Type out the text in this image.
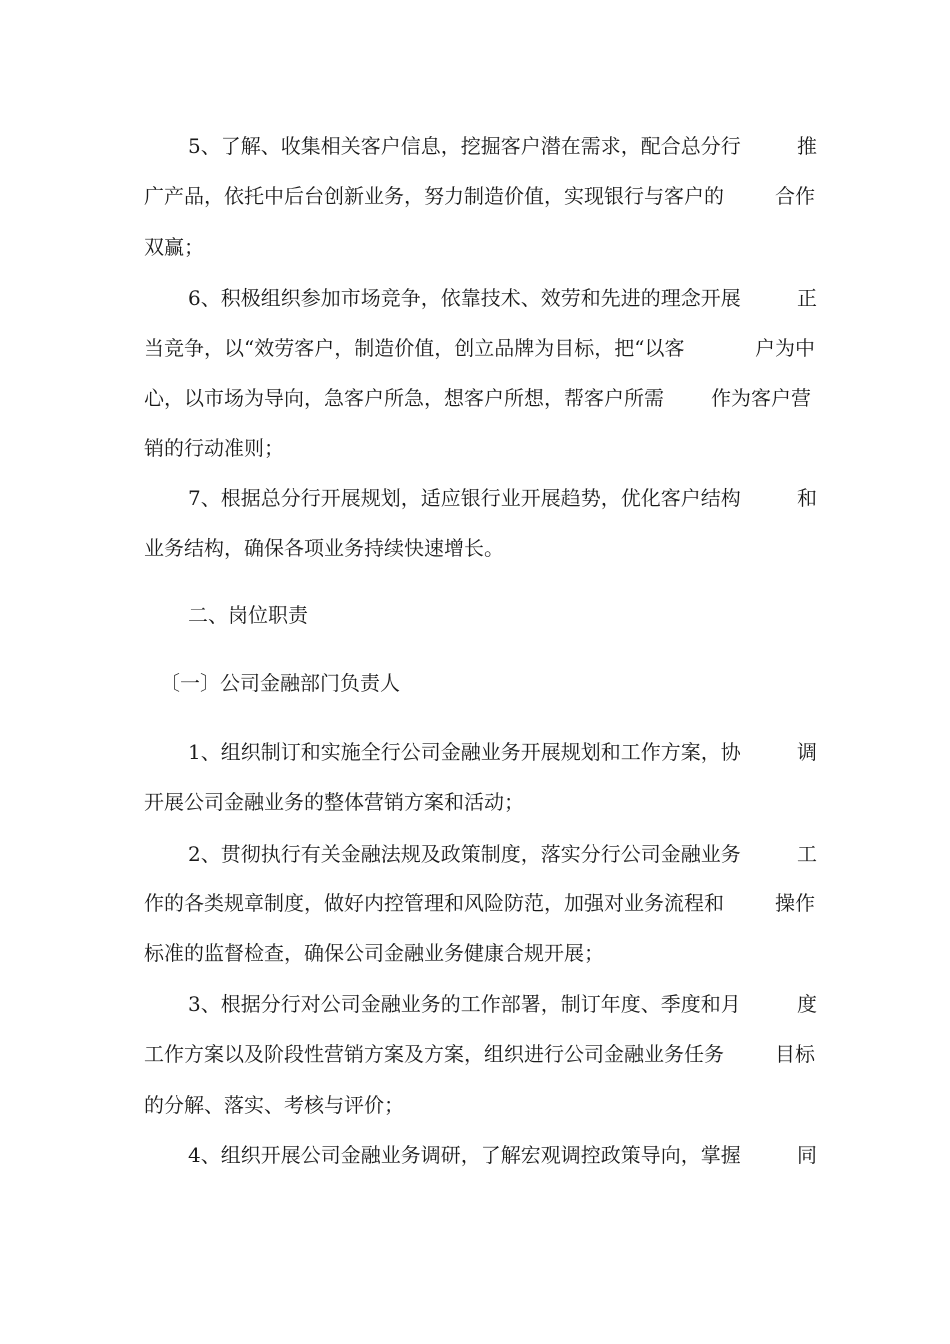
5、了解、收集相关客户信息，挖掘客户潜在需求，配合总分行	推
广产品，依托中后台创新业务，努力制造价值，实现银行与客户的	合作
双赢；
6、积极组织参加市场竞争，依靠技术、效劳和先进的理念开展	正
当竞争，以“效劳客户，制造价值，创立品牌为目标，把“以客	户为中
心，以市场为导向，急客户所急，想客户所想，帮客户所需 作为客户营
销的行动准则；
7、根据总分行开展规划，适应银行业开展趋势，优化客户结构	和
业务结构，确保各项业务持续快速增长。
二、岗位职责
〔一〕公司金融部门负责人
1、组织制订和实施全行公司金融业务开展规划和工作方案，协	调
开展公司金融业务的整体营销方案和活动；
2、贯彻执行有关金融法规及政策制度，落实分行公司金融业务	工
作的各类规章制度，做好内控管理和风险防范，加强对业务流程和	操作
标准的监督检查，确保公司金融业务健康合规开展；
3、根据分行对公司金融业务的工作部署，制订年度、季度和月	度
工作方案以及阶段性营销方案及方案，组织进行公司金融业务任务	目标
的分解、落实、考核与评价；
4、组织开展公司金融业务调研，了解宏观调控政策导向，掌握	同
